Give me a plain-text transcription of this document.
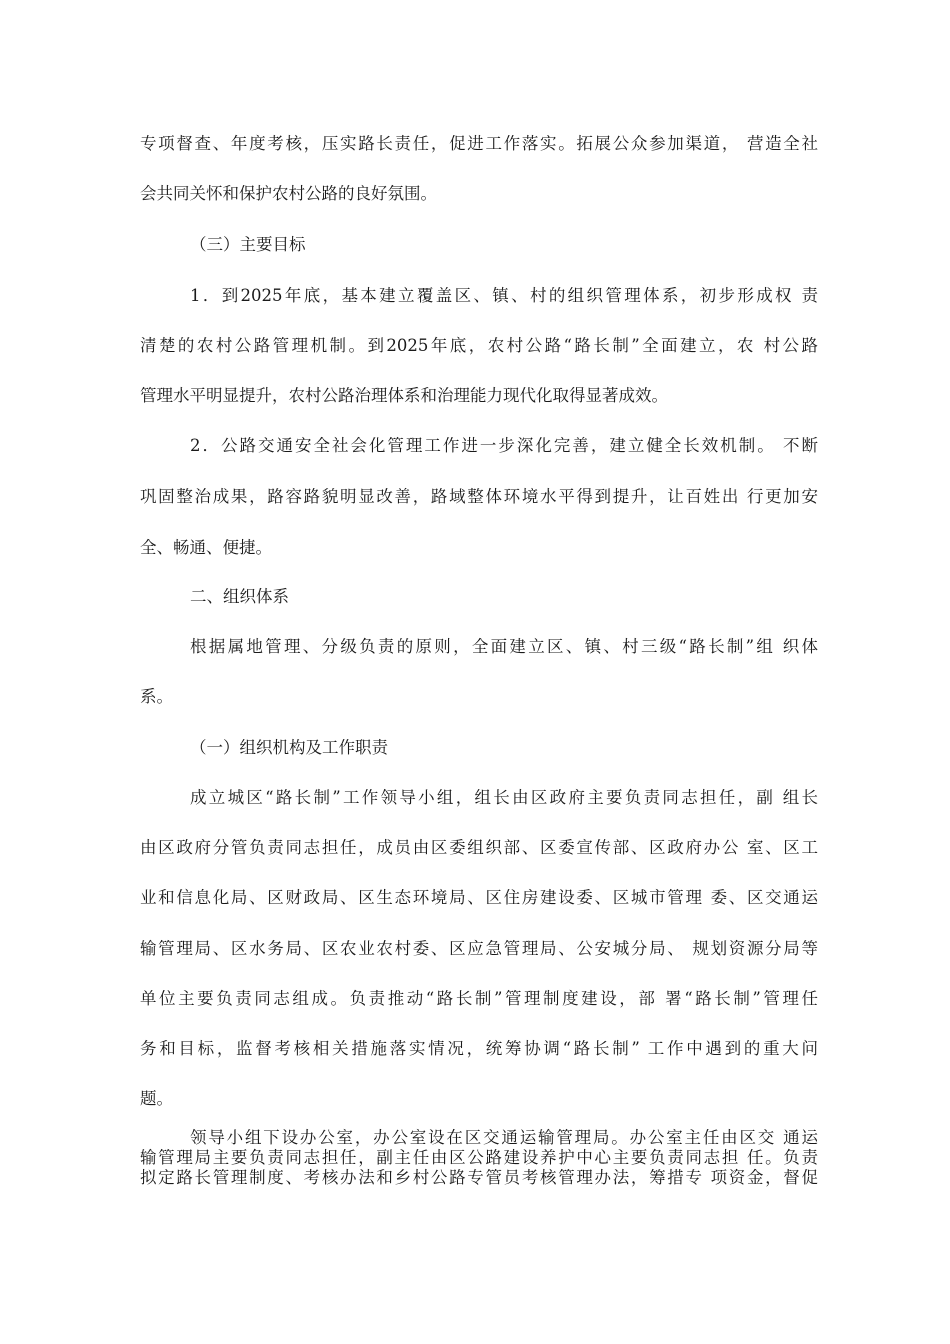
专项督查、年度考核，压实路长责任，促进工作落实。拓展公众参加渠道， 营造全社
会共同关怀和保护农村公路的良好氛围。
（三）主要目标
1．到2025年底，基本建立覆盖区、镇、村的组织管理体系，初步形成权 责
清楚的农村公路管理机制。到2025年底，农村公路“路长制”全面建立，农 村公路
管理水平明显提升，农村公路治理体系和治理能力现代化取得显著成效。
2．公路交通安全社会化管理工作进一步深化完善，建立健全长效机制。 不断
巩固整治成果，路容路貌明显改善，路域整体环境水平得到提升，让百姓出 行更加安
全、畅通、便捷。
二、组织体系
根据属地管理、分级负责的原则，全面建立区、镇、村三级“路长制”组 织体
系。
（一）组织机构及工作职责
成立城区“路长制”工作领导小组，组长由区政府主要负责同志担任，副 组长
由区政府分管负责同志担任，成员由区委组织部、区委宣传部、区政府办公 室、区工
业和信息化局、区财政局、区生态环境局、区住房建设委、区城市管理 委、区交通运
输管理局、区水务局、区农业农村委、区应急管理局、公安城分局、 规划资源分局等
单位主要负责同志组成。负责推动“路长制”管理制度建设，部 署“路长制”管理任
务和目标，监督考核相关措施落实情况，统筹协调“路长制” 工作中遇到的重大问
题。
领导小组下设办公室，办公室设在区交通运输管理局。办公室主任由区交 通运
输管理局主要负责同志担任，副主任由区公路建设养护中心主要负责同志担 任。负责
拟定路长管理制度、考核办法和乡村公路专管员考核管理办法，筹措专 项资金，督促
